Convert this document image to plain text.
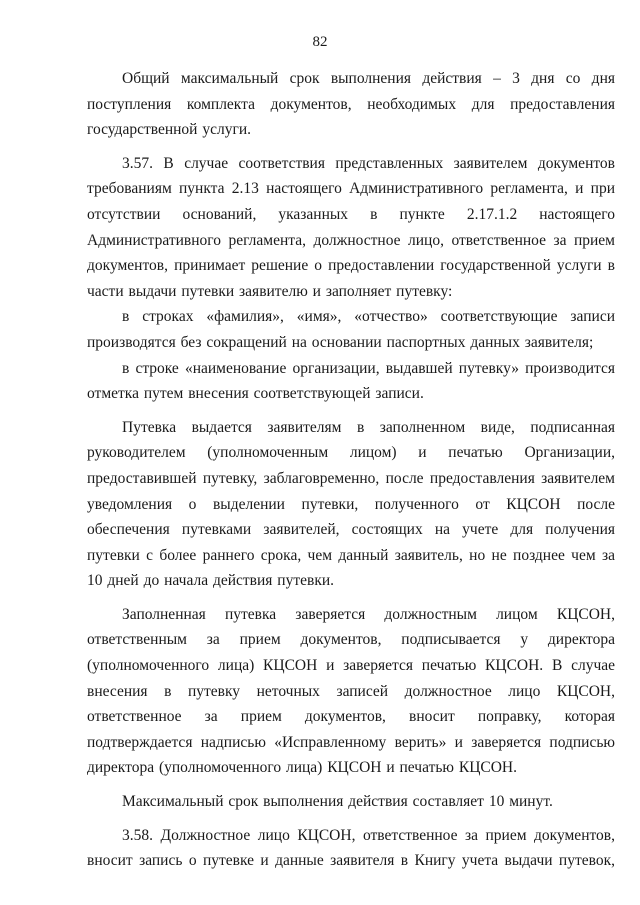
82

Общий максимальный срок выполнения действия – 3 дня со дня поступления комплекта документов, необходимых для предоставления государственной услуги.

3.57. В случае соответствия представленных заявителем документов требованиям пункта 2.13 настоящего Административного регламента, и при отсутствии оснований, указанных в пункте 2.17.1.2 настоящего Административного регламента, должностное лицо, ответственное за прием документов, принимает решение о предоставлении государственной услуги в части выдачи путевки заявителю и заполняет путевку:

в строках «фамилия», «имя», «отчество» соответствующие записи производятся без сокращений на основании паспортных данных заявителя;

в строке «наименование организации, выдавшей путевку» производится отметка путем внесения соответствующей записи.

Путевка выдается заявителям в заполненном виде, подписанная руководителем (уполномоченным лицом) и печатью Организации, предоставившей путевку, заблаговременно, после предоставления заявителем уведомления о выделении путевки, полученного от КЦСОН после обеспечения путевками заявителей, состоящих на учете для получения путевки с более раннего срока, чем данный заявитель, но не позднее чем за 10 дней до начала действия путевки.

Заполненная путевка заверяется должностным лицом КЦСОН, ответственным за прием документов, подписывается у директора (уполномоченного лица) КЦСОН и заверяется печатью КЦСОН. В случае внесения в путевку неточных записей должностное лицо КЦСОН, ответственное за прием документов, вносит поправку, которая подтверждается надписью «Исправленному верить» и заверяется подписью директора (уполномоченного лица) КЦСОН и печатью КЦСОН.

Максимальный срок выполнения действия составляет 10 минут.

3.58. Должностное лицо КЦСОН, ответственное за прием документов, вносит запись о путевке и данные заявителя в Книгу учета выдачи путевок,
